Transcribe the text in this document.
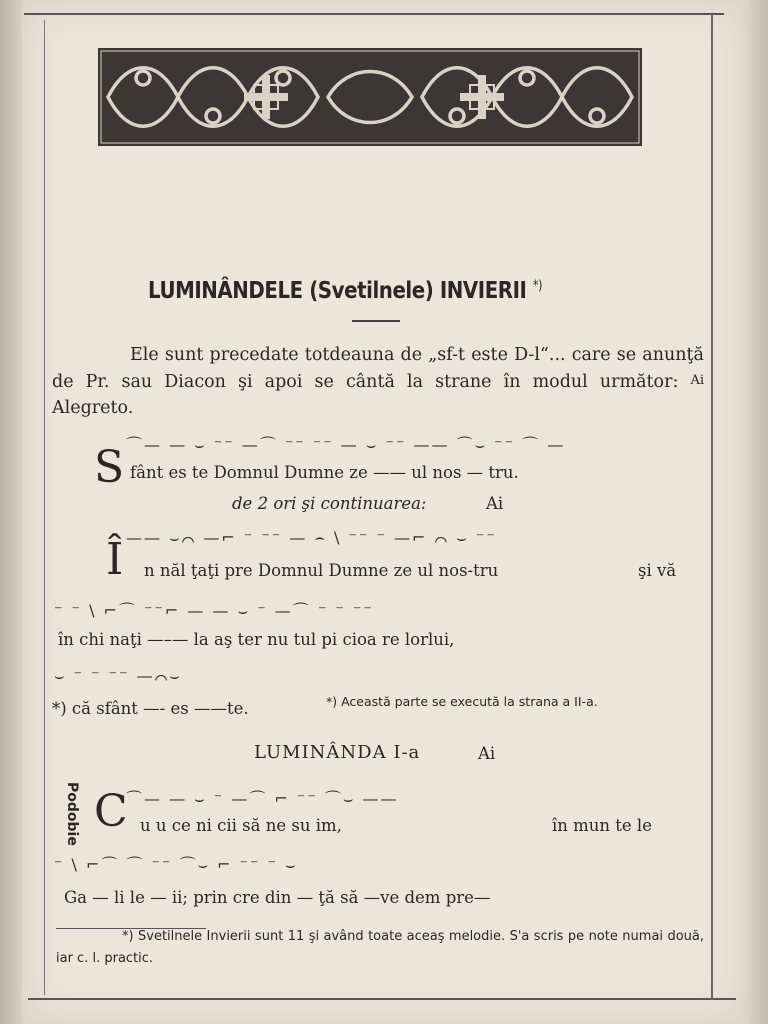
LUMINÂNDELE (Svetilnele) INVIERII *)
Ele sunt precedate totdeauna de „sf-t este D-l“... care se anunţă de Pr. sau Diacon şi apoi se cântă la strane în modul următor: Ai Alegreto.
⌒— — ⌣ ⁻⁻ —⌒ ⁻⁻ ⁻⁻ — ⌣ ⁻⁻ —— ⌒⌣ ⁻⁻ ⌒ —
S fânt es te Domnul Dumne ze —— ul nos — tru.
de 2 ori şi continuarea:	Ai
—— ⌣⌒ —⌐ ⁻ ⁻⁻ — ⌢ \ ⁻⁻ ⁻ —⌐ ⌒ ⌣ ⁻⁻
Î n năl ţaţi pre Domnul Dumne ze ul nos-tru	şi vă
⁻ ⁻ \ ⌐⌒ ⁻⁻⌐ — — ⌣ ⁻ —⌒ ⁻ ⁻ ⁻⁻
în chi naţi —–— la aş ter nu tul pi cioa re lorlui,
⌣ ⁻ ⁻ ⁻⁻ —⌒⌣
*) că sfânt —- es ——te.	*) Această parte se execută la strana a II-a.
LUMINÂNDA I-a	Ai
Podobie	⌒— — ⌣ ⁻ —⌒ ⌐ ⁻⁻ ⌒⌣ ——
C u u ce ni cii să ne su im,	în mun te le
⁻ \ ⌐⌒ ⌒ ⁻⁻ ⌒⌣ ⌐ ⁻⁻ ⁻ ⌣
Ga — li le — ii; prin cre din — ţă să —ve dem pre—
*) Svetilnele Invierii sunt 11 şi având toate aceaş melodie. S'a scris pe note numai două, iar c. l. practic.
